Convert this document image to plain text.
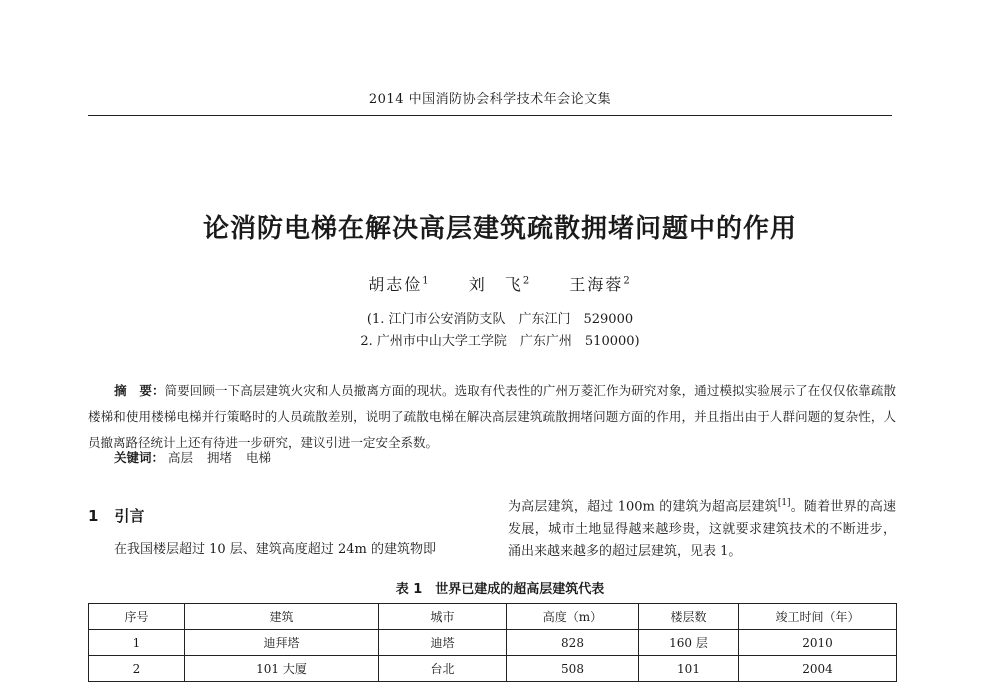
2014 中国消防协会科学技术年会论文集
论消防电梯在解决高层建筑疏散拥堵问题中的作用
胡志俭$^1$ 刘　飞$^2$ 王海蓉$^2$
(1. 江门市公安消防支队　广东江门　529000
2. 广州市中山大学工学院　广东广州　510000)
摘　要：简要回顾一下高层建筑火灾和人员撤离方面的现状。选取有代表性的广州万菱汇作为研究对象，通过模拟实验展示了在仅仅依靠疏散楼梯和使用楼梯电梯并行策略时的人员疏散差别，说明了疏散电梯在解决高层建筑疏散拥堵问题方面的作用，并且指出由于人群问题的复杂性，人员撤离路径统计上还有待进一步研究，建议引进一定安全系数。
关键词： 高层 拥堵 电梯
1 引言
在我国楼层超过 10 层、建筑高度超过 24m 的建筑物即
为高层建筑，超过 100m 的建筑为超高层建筑[1]。随着世界的高速发展，城市土地显得越来越珍贵，这就要求建筑技术的不断进步，涌出来越来越多的超过层建筑，见表 1。
表 1　世界已建成的超高层建筑代表
序号	建筑	城市	高度（m）	楼层数	竣工时间（年）
1	迪拜塔	迪塔	828	160 层	2010
2	101 大厦	台北	508	101	2004
